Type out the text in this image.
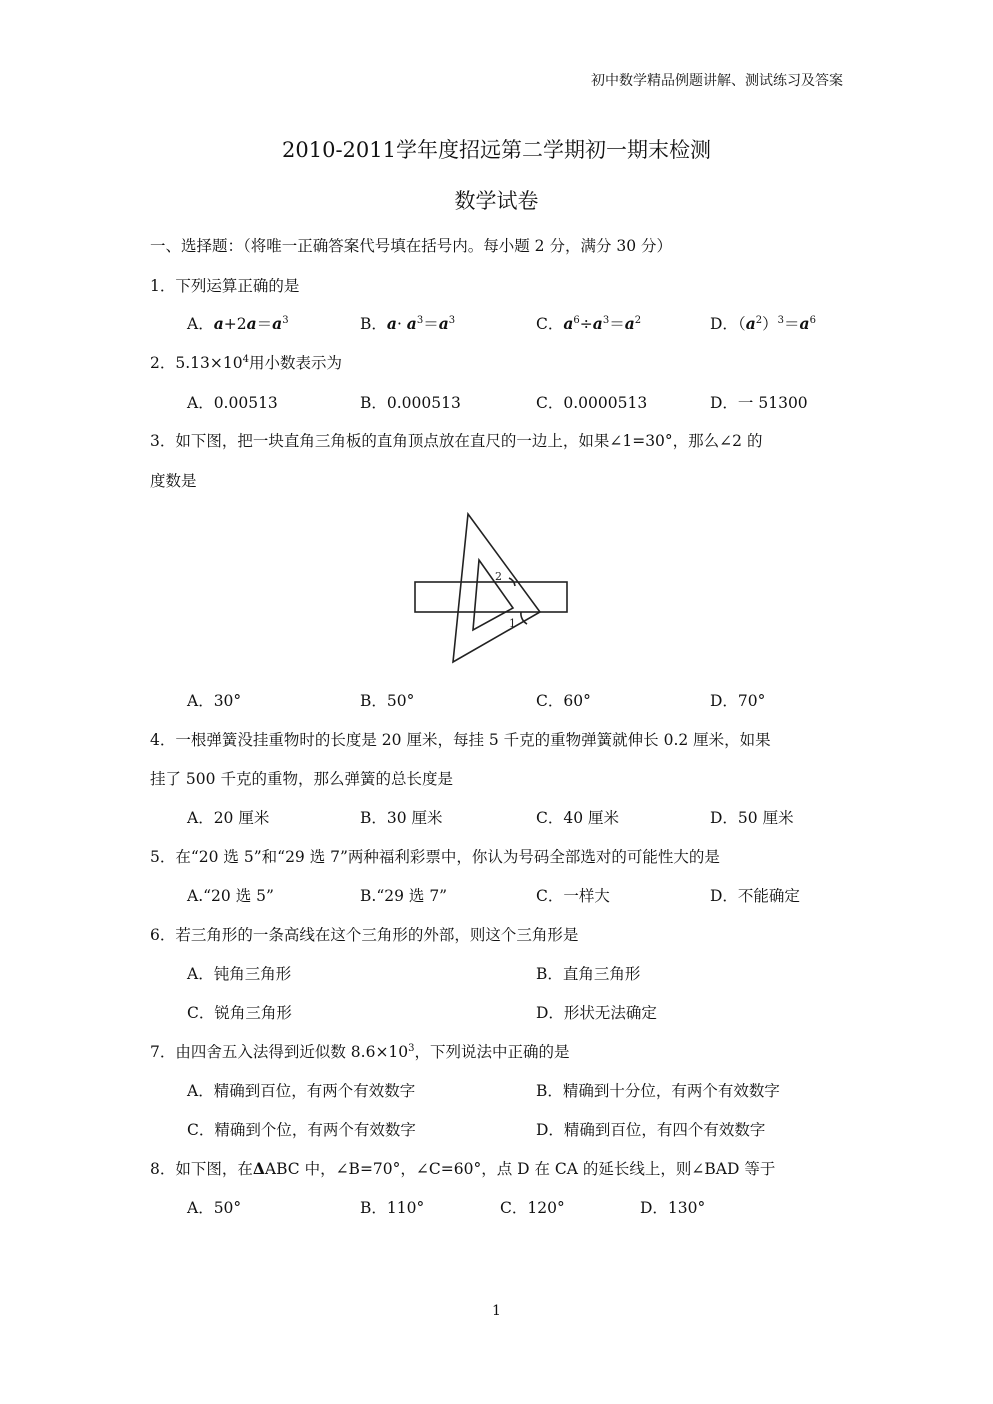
初中数学精品例题讲解、测试练习及答案
2010-2011学年度招远第二学期初一期末检测
数学试卷
一、选择题：（将唯一正确答案代号填在括号内。每小题 2 分，满分 30 分）
1．下列运算正确的是
A．$a+2a=a^3$	B．$a\cdot a^3=a^3$	C．$a^6\div a^3=a^2$	D．$(a^2)^3=a^6$
2．$5.13\times 10^4$用小数表示为
A．0.00513	B．0.000513	C．0.0000513	D．一 51300
3．如下图，把一块直角三角板的直角顶点放在直尺的一边上，如果∠1=30°，那么∠2 的
度数是
1
2
A．30°	B．50°	C．60°	D．70°
4．一根弹簧没挂重物时的长度是 20 厘米，每挂 5 千克的重物弹簧就伸长 0.2 厘米，如果
挂了 500 千克的重物，那么弹簧的总长度是
A．20 厘米	B．30 厘米	C．40 厘米	D．50 厘米
5．在“20 选 5”和“29 选 7”两种福利彩票中，你认为号码全部选对的可能性大的是
A.“20 选 5”	B.“29 选 7”	C．一样大	D．不能确定
6．若三角形的一条高线在这个三角形的外部，则这个三角形是
A．钝角三角形	B．直角三角形
C．锐角三角形	D．形状无法确定
7．由四舍五入法得到近似数 $8.6\times 10^3$，下列说法中正确的是
A．精确到百位，有两个有效数字	B．精确到十分位，有两个有效数字
C．精确到个位，有两个有效数字	D．精确到百位，有四个有效数字
8．如下图，在ΔABC 中，∠B=70°，∠C=60°，点 D 在 CA 的延长线上，则∠BAD 等于
A．50°	B．110°	C．120°	D．130°
1
